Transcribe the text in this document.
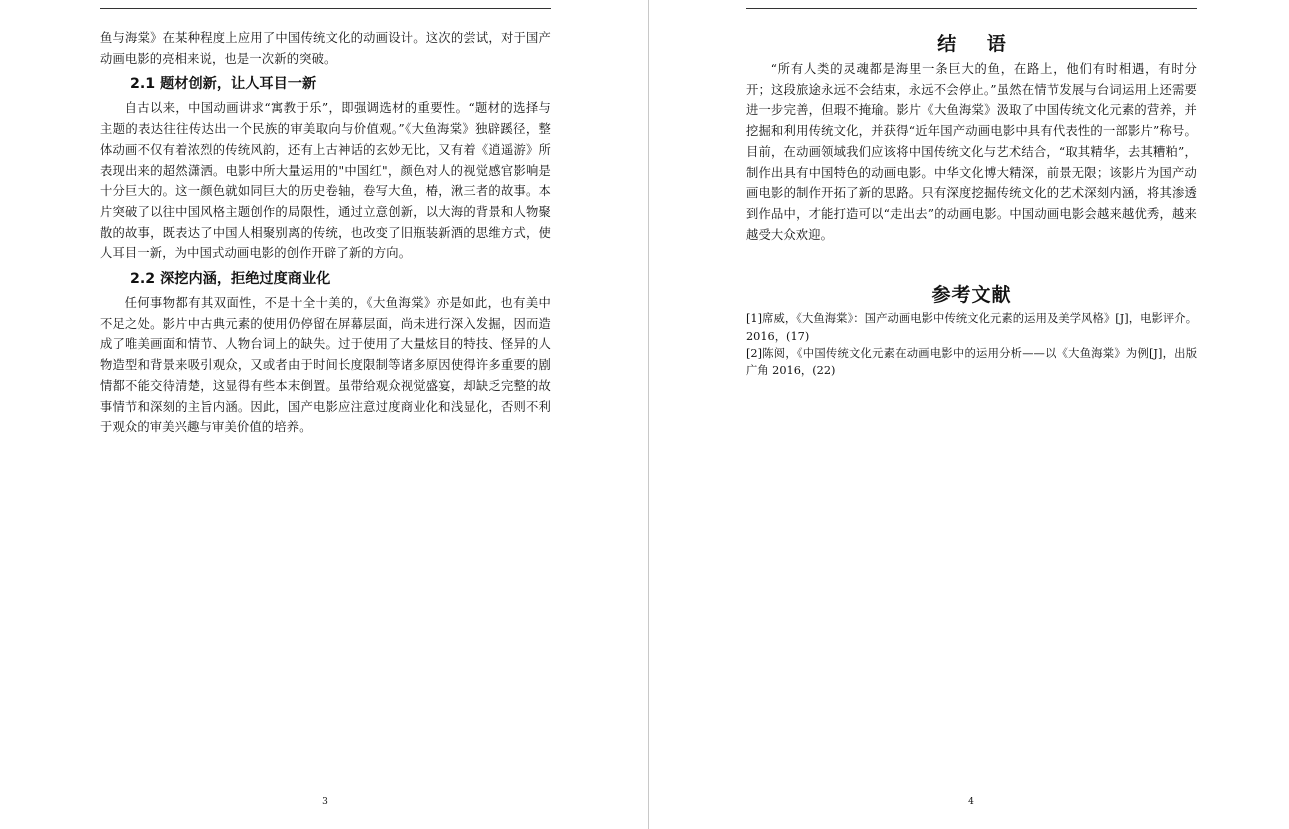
鱼与海棠》在某种程度上应用了中国传统文化的动画设计。这次的尝试，对于国产动画电影的亮相来说，也是一次新的突破。

2.1 题材创新，让人耳目一新

自古以来，中国动画讲求“寓教于乐”，即强调选材的重要性。“题材的选择与主题的表达往往传达出一个民族的审美取向与价值观。”《大鱼海棠》独辟蹊径，整体动画不仅有着浓烈的传统风韵，还有上古神话的玄妙无比，又有着《逍遥游》所表现出来的超然潇洒。电影中所大量运用的"中国红"，颜色对人的视觉感官影响是十分巨大的。这一颜色就如同巨大的历史卷轴，卷写大鱼，椿，湫三者的故事。本片突破了以往中国风格主题创作的局限性，通过立意创新，以大海的背景和人物聚散的故事，既表达了中国人相聚别离的传统，也改变了旧瓶装新酒的思维方式，使人耳目一新，为中国式动画电影的创作开辟了新的方向。

2.2 深挖内涵，拒绝过度商业化

任何事物都有其双面性，不是十全十美的，《大鱼海棠》亦是如此，也有美中不足之处。影片中古典元素的使用仍停留在屏幕层面，尚未进行深入发掘，因而造成了唯美画面和情节、人物台词上的缺失。过于使用了大量炫目的特技、怪异的人物造型和背景来吸引观众，又或者由于时间长度限制等诸多原因使得许多重要的剧情都不能交待清楚，这显得有些本末倒置。虽带给观众视觉盛宴，却缺乏完整的故事情节和深刻的主旨内涵。因此，国产电影应注意过度商业化和浅显化，否则不利于观众的审美兴趣与审美价值的培养。

3
结 语

“所有人类的灵魂都是海里一条巨大的鱼，在路上，他们有时相遇，有时分开；这段旅途永远不会结束，永远不会停止。”虽然在情节发展与台词运用上还需要进一步完善，但瑕不掩瑜。影片《大鱼海棠》汲取了中国传统文化元素的营养，并挖掘和利用传统文化，并获得“近年国产动画电影中具有代表性的一部影片”称号。目前，在动画领域我们应该将中国传统文化与艺术结合，“取其精华，去其糟粕”，制作出具有中国特色的动画电影。中华文化博大精深，前景无限；该影片为国产动画电影的制作开拓了新的思路。只有深度挖掘传统文化的艺术深刻内涵，将其渗透到作品中，才能打造可以“走出去”的动画电影。中国动画电影会越来越优秀，越来越受大众欢迎。

参考文献
[1]席威，《大鱼海棠》：国产动画电影中传统文化元素的运用及美学风格》[J]，电影评介。2016，(17)
[2]陈阅，《中国传统文化元素在动画电影中的运用分析——以《大鱼海棠》为例[J]，出版广角 2016，(22)
4
